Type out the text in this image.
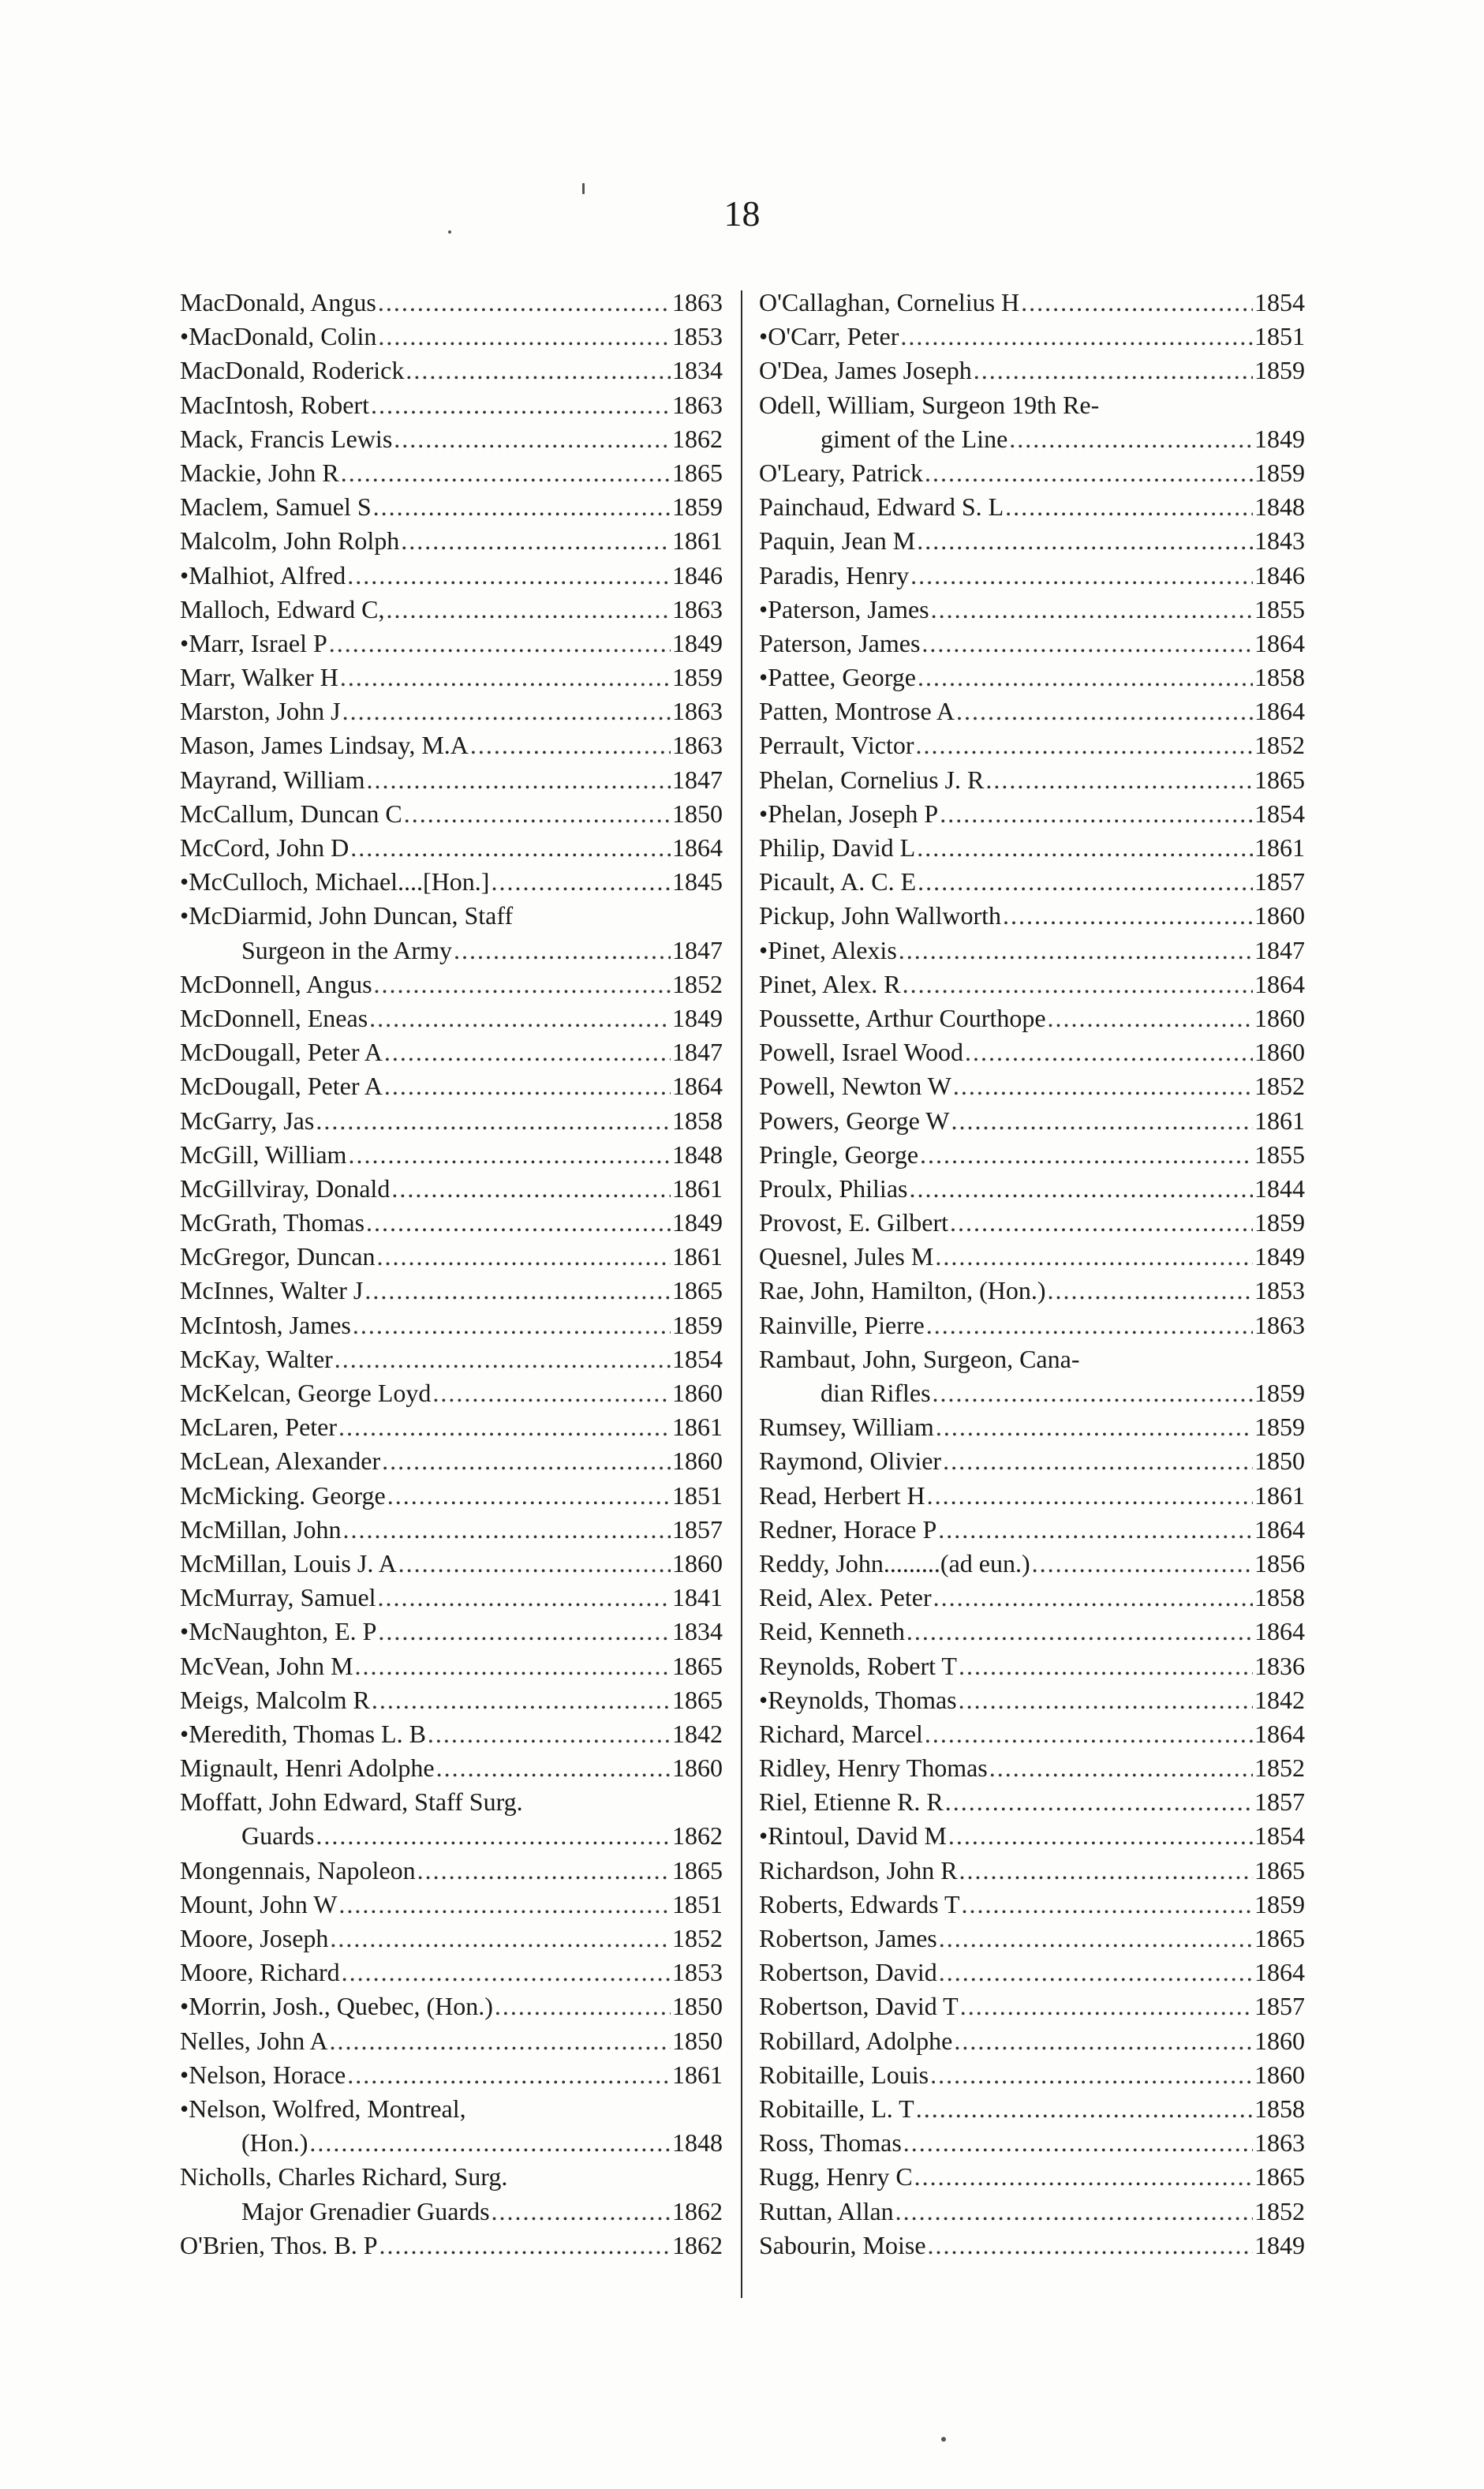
18
MacDonald, Angus .....	1863
•MacDonald, Colin .....	1853
MacDonald, Roderick .....	1834
MacIntosh, Robert .....	1863
Mack, Francis Lewis .....	1862
Mackie, John R .....	1865
Maclem, Samuel S .....	1859
Malcolm, John Rolph .....	1861
•Malhiot, Alfred .....	1846
Malloch, Edward C, .....	1863
•Marr, Israel P .....	1849
Marr, Walker H .....	1859
Marston, John J .....	1863
Mason, James Lindsay, M.A .....	1863
Mayrand, William .....	1847
McCallum, Duncan C .....	1850
McCord, John D .....	1864
•McCulloch, Michael....[Hon.] .....	1845
•McDiarmid, John Duncan, Staff
Surgeon in the Army .....	1847
McDonnell, Angus .....	1852
McDonnell, Eneas .....	1849
McDougall, Peter A .....	1847
McDougall, Peter A .....	1864
McGarry, Jas .....	1858
McGill, William .....	1848
McGillviray, Donald .....	1861
McGrath, Thomas .....	1849
McGregor, Duncan .....	1861
McInnes, Walter J .....	1865
McIntosh, James .....	1859
McKay, Walter .....	1854
McKelcan, George Loyd .....	1860
McLaren, Peter .....	1861
McLean, Alexander .....	1860
McMicking. George .....	1851
McMillan, John .....	1857
McMillan, Louis J. A .....	1860
McMurray, Samuel .....	1841
•McNaughton, E. P .....	1834
McVean, John M .....	1865
Meigs, Malcolm R .....	1865
•Meredith, Thomas L. B .....	1842
Mignault, Henri Adolphe .....	1860
Moffatt, John Edward, Staff Surg.
Guards .....	1862
Mongennais, Napoleon .....	1865
Mount, John W .....	1851
Moore, Joseph .....	1852
Moore, Richard .....	1853
•Morrin, Josh., Quebec, (Hon.) .....	1850
Nelles, John A .....	1850
•Nelson, Horace .....	1861
•Nelson, Wolfred, Montreal,
(Hon.) .....	1848
Nicholls, Charles Richard, Surg.
Major Grenadier Guards .....	1862
O'Brien, Thos. B. P .....	1862
O'Callaghan, Cornelius H .....	1854
•O'Carr, Peter .....	1851
O'Dea, James Joseph .....	1859
Odell, William, Surgeon 19th Re-
giment of the Line .....	1849
O'Leary, Patrick .....	1859
Painchaud, Edward S. L .....	1848
Paquin, Jean M .....	1843
Paradis, Henry .....	1846
•Paterson, James .....	1855
Paterson, James .....	1864
•Pattee, George .....	1858
Patten, Montrose A .....	1864
Perrault, Victor .....	1852
Phelan, Cornelius J. R .....	1865
•Phelan, Joseph P .....	1854
Philip, David L .....	1861
Picault, A. C. E .....	1857
Pickup, John Wallworth .....	1860
•Pinet, Alexis .....	1847
Pinet, Alex. R .....	1864
Poussette, Arthur Courthope .....	1860
Powell, Israel Wood .....	1860
Powell, Newton W .....	1852
Powers, George W .....	1861
Pringle, George .....	1855
Proulx, Philias .....	1844
Provost, E. Gilbert .....	1859
Quesnel, Jules M .....	1849
Rae, John, Hamilton, (Hon.) .....	1853
Rainville, Pierre .....	1863
Rambaut, John, Surgeon, Cana-
dian Rifles .....	1859
Rumsey, William .....	1859
Raymond, Olivier .....	1850
Read, Herbert H .....	1861
Redner, Horace P .....	1864
Reddy, John.........(ad eun.) .....	1856
Reid, Alex. Peter .....	1858
Reid, Kenneth .....	1864
Reynolds, Robert T .....	1836
•Reynolds, Thomas .....	1842
Richard, Marcel .....	1864
Ridley, Henry Thomas .....	1852
Riel, Etienne R. R .....	1857
•Rintoul, David M .....	1854
Richardson, John R .....	1865
Roberts, Edwards T .....	1859
Robertson, James .....	1865
Robertson, David .....	1864
Robertson, David T .....	1857
Robillard, Adolphe .....	1860
Robitaille, Louis .....	1860
Robitaille, L. T .....	1858
Ross, Thomas .....	1863
Rugg, Henry C .....	1865
Ruttan, Allan .....	1852
Sabourin, Moise .....	1849
